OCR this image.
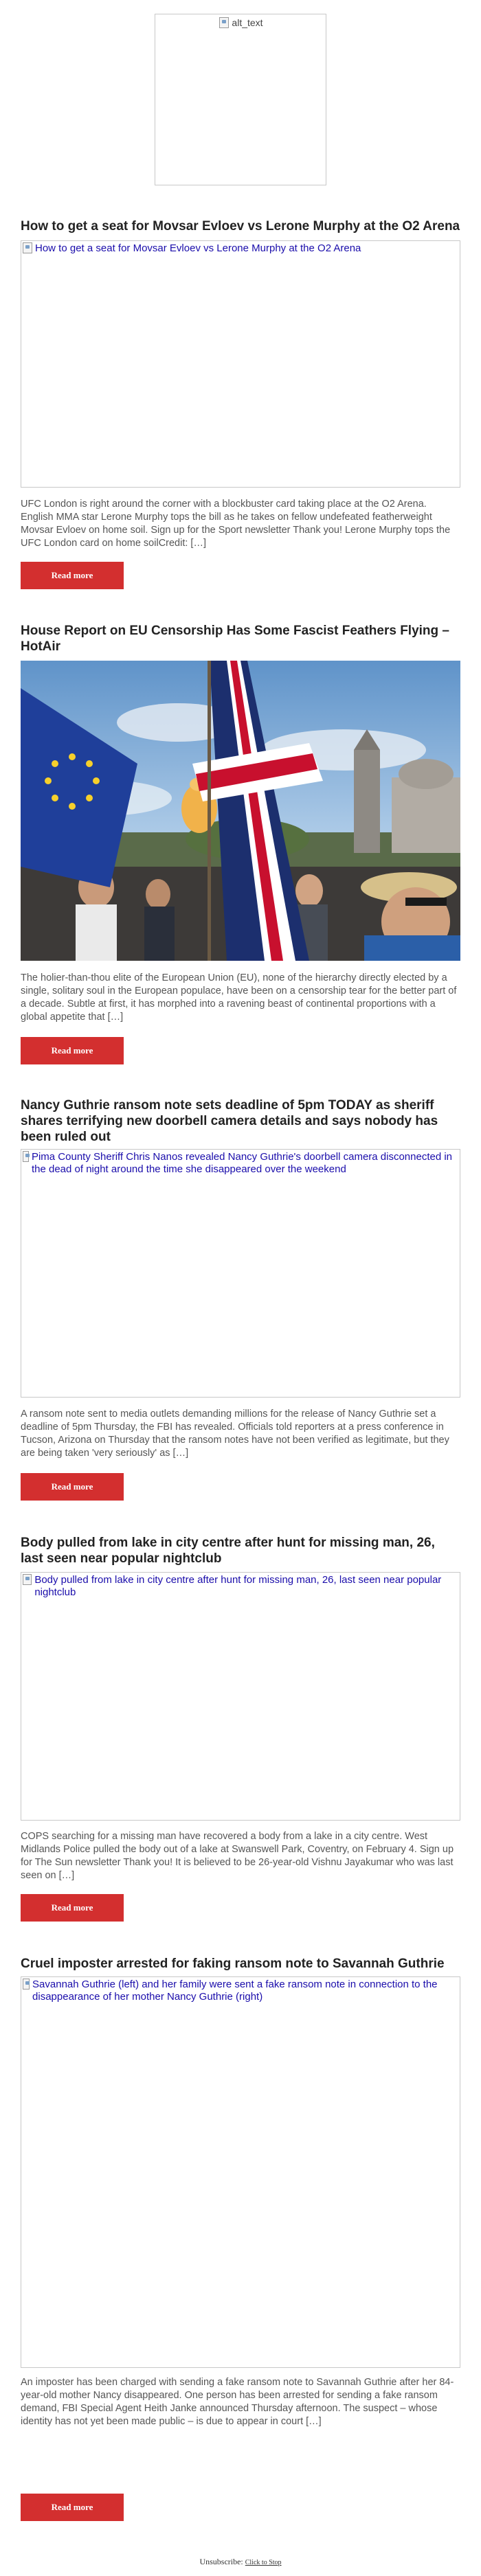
alt_text
How to get a seat for Movsar Evloev vs Lerone Murphy at the O2 Arena
How to get a seat for Movsar Evloev vs Lerone Murphy at the O2 Arena

UFC London is right around the corner with a blockbuster card taking place at the O2 Arena. English MMA star Lerone Murphy tops the bill as he takes on fellow undefeated featherweight Movsar Evloev on home soil. Sign up for the Sport newsletter Thank you! Lerone Murphy tops the UFC London card on home soilCredit: […]

Read more
House Report on EU Censorship Has Some Fascist Feathers Flying – HotAir

The holier-than-thou elite of the European Union (EU), none of the hierarchy directly elected by a single, solitary soul in the European populace, have been on a censorship tear for the better part of a decade. Subtle at first, it has morphed into a ravening beast of continental proportions with a global appetite that […]

Read more
Nancy Guthrie ransom note sets deadline of 5pm TODAY as sheriff shares terrifying new doorbell camera details and says nobody has been ruled out
Pima County Sheriff Chris Nanos revealed Nancy Guthrie's doorbell camera disconnected in the dead of night around the time she disappeared over the weekend

A ransom note sent to media outlets demanding millions for the release of Nancy Guthrie set a deadline of 5pm Thursday, the FBI has revealed. Officials told reporters at a press conference in Tucson, Arizona on Thursday that the ransom notes have not been verified as legitimate, but they are being taken 'very seriously' as […]

Read more
Body pulled from lake in city centre after hunt for missing man, 26, last seen near popular nightclub
Body pulled from lake in city centre after hunt for missing man, 26, last seen near popular nightclub

COPS searching for a missing man have recovered a body from a lake in a city centre. West Midlands Police pulled the body out of a lake at Swanswell Park, Coventry, on February 4. Sign up for The Sun newsletter Thank you! It is believed to be 26-year-old Vishnu Jayakumar who was last seen on […]

Read more
Cruel imposter arrested for faking ransom note to Savannah Guthrie
Savannah Guthrie (left) and her family were sent a fake ransom note in connection to the disappearance of her mother Nancy Guthrie (right)

An imposter has been charged with sending a fake ransom note to Savannah Guthrie after her 84-year-old mother Nancy disappeared. One person has been arrested for sending a fake ransom demand, FBI Special Agent Heith Janke announced Thursday afternoon. The suspect – whose identity has not yet been made public – is due to appear in court […]

Read more
Unsubscribe: Click to Stop
